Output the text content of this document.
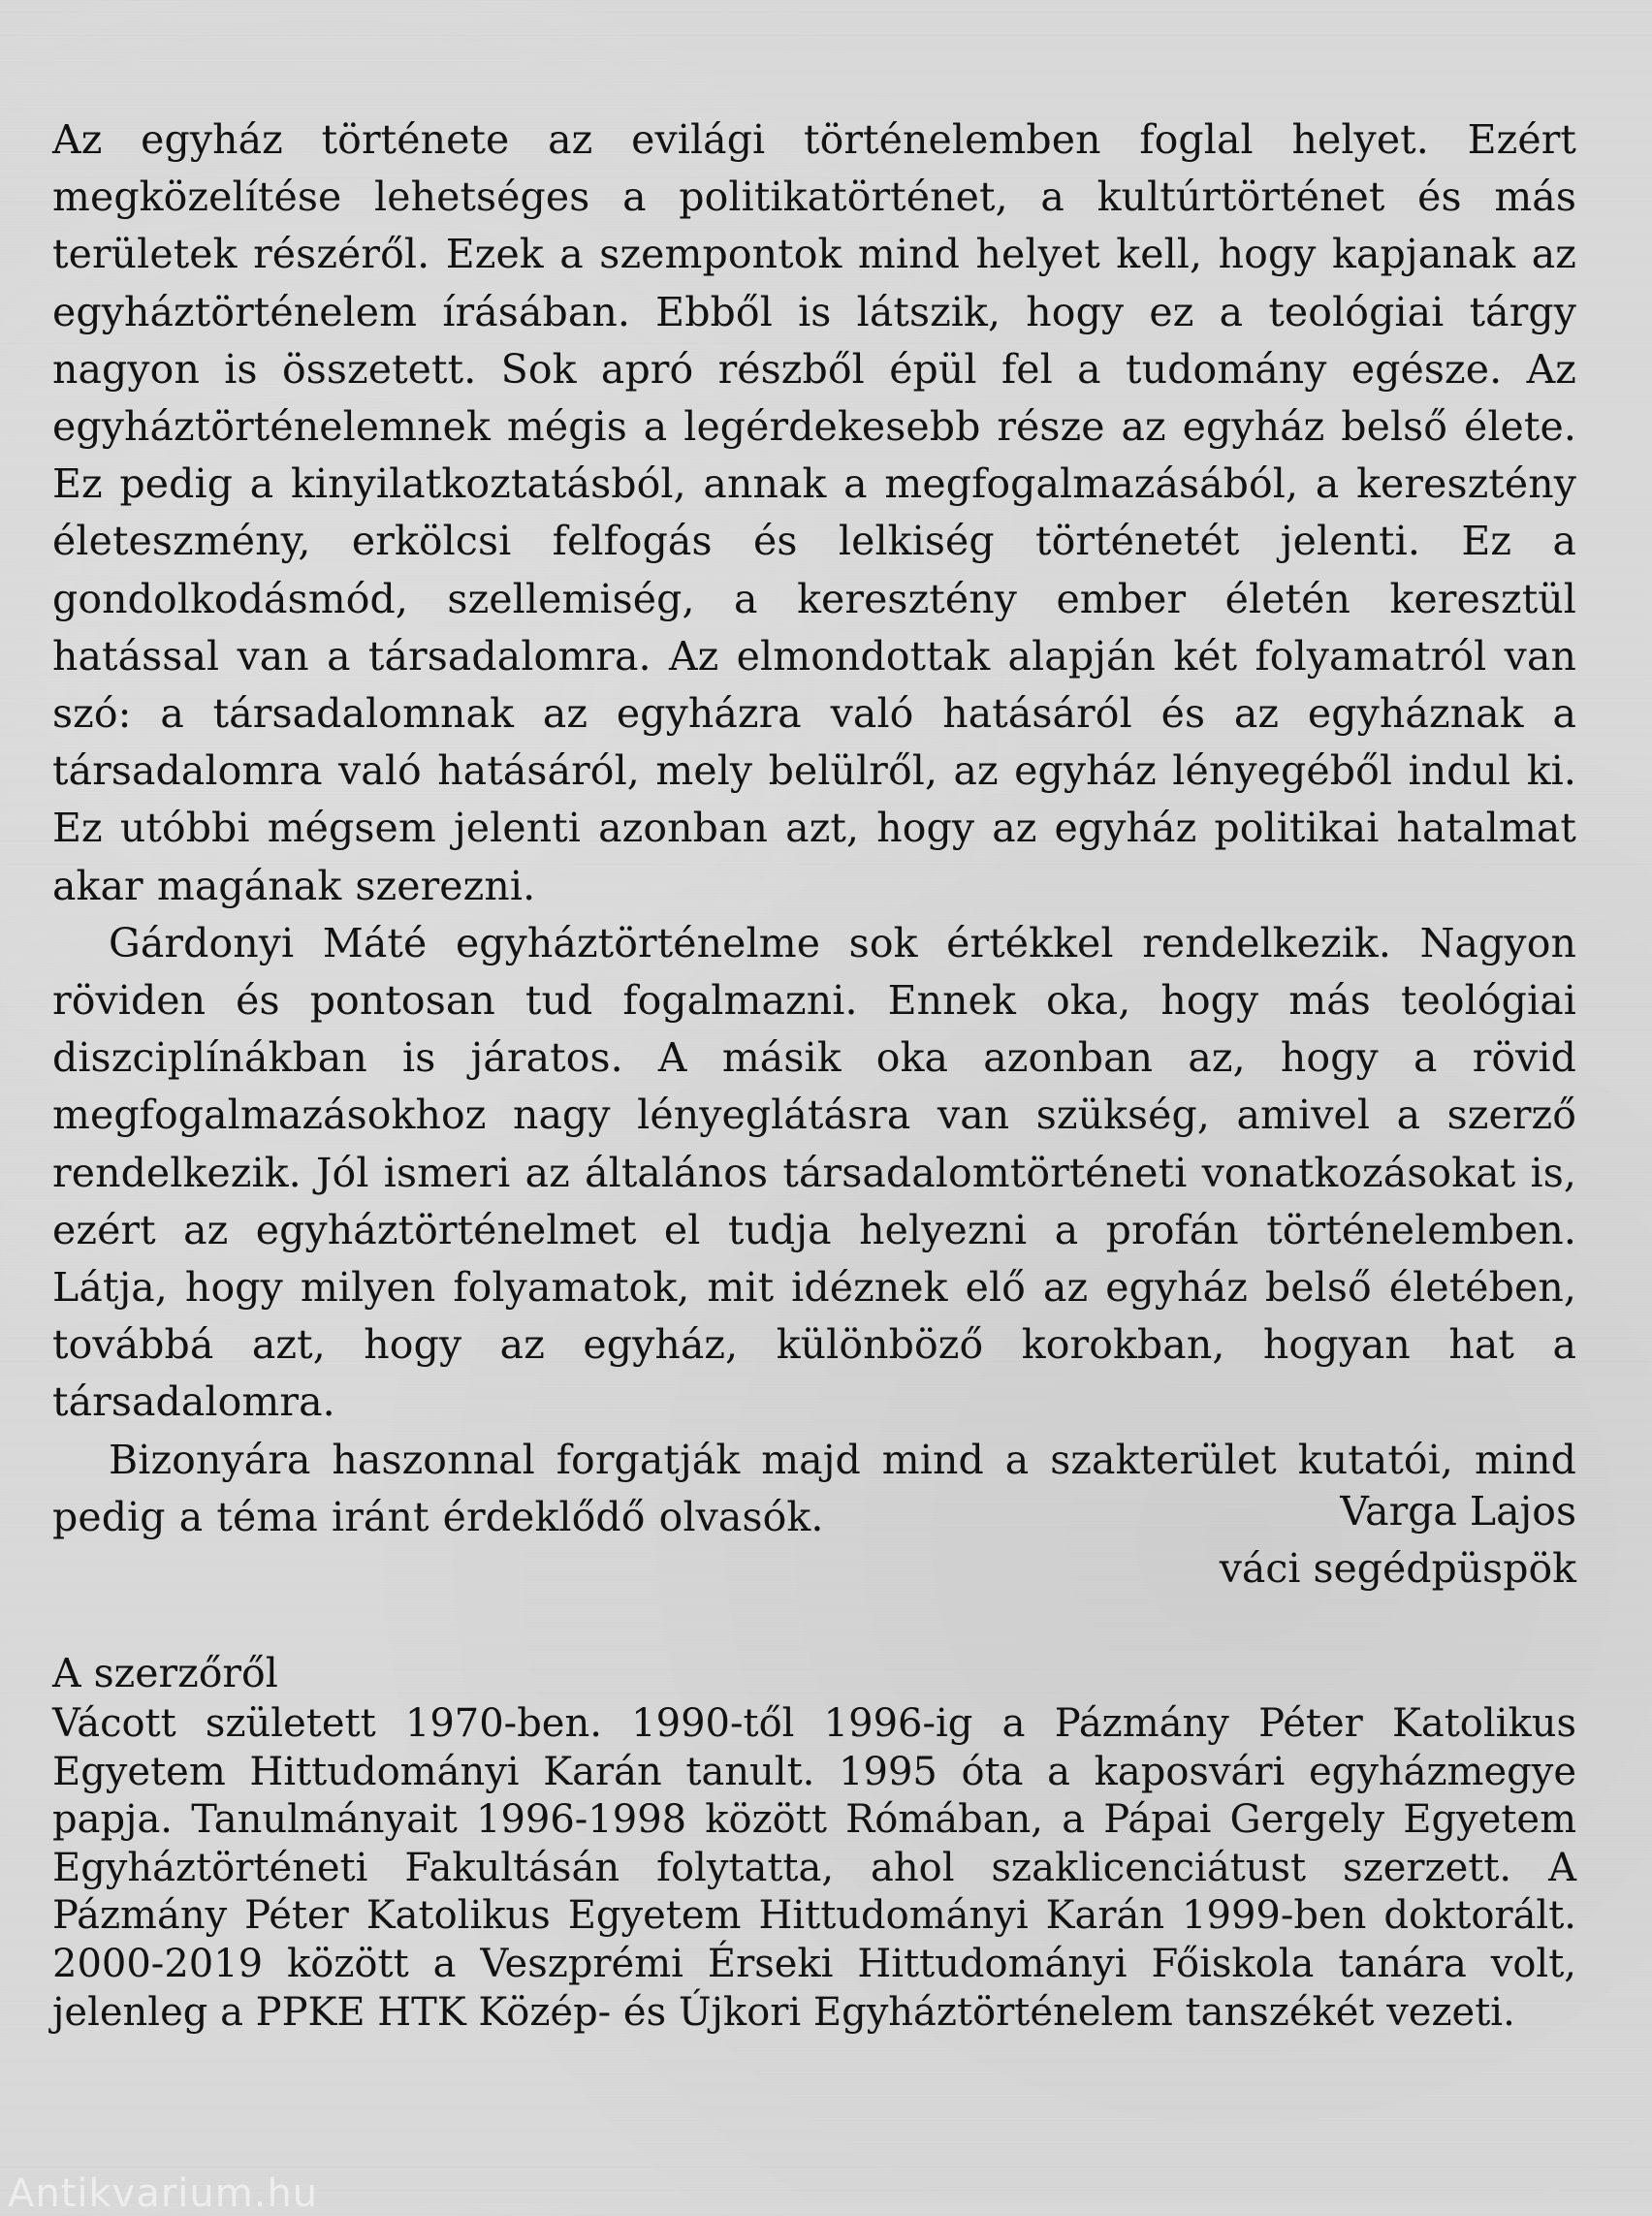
Az egyház története az evilági történelemben foglal helyet. Ezért megközelítése lehetséges a politikatörténet, a kultúrtörténet és más területek részéről. Ezek a szempontok mind helyet kell, hogy kapjanak az egyháztörténelem írásában. Ebből is látszik, hogy ez a teológiai tárgy nagyon is összetett. Sok apró részből épül fel a tudomány egésze. Az egyháztörténelemnek mégis a legérdekesebb része az egyház belső élete. Ez pedig a kinyilatkoztatásból, annak a megfogalmazásából, a keresztény életeszmény, erkölcsi felfogás és lelkiség történetét jelenti. Ez a gondolkodásmód, szellemiség, a keresztény ember életén keresztül hatással van a társadalomra. Az elmondottak alapján két folyamatról van szó: a társadalomnak az egyházra való hatásáról és az egyháznak a társadalomra való hatásáról, mely belülről, az egyház lényegéből indul ki. Ez utóbbi mégsem jelenti azonban azt, hogy az egyház politikai hatalmat akar magának szerezni.

Gárdonyi Máté egyháztörténelme sok értékkel rendelkezik. Nagyon röviden és pontosan tud fogalmazni. Ennek oka, hogy más teológiai diszciplínákban is járatos. A másik oka azonban az, hogy a rövid megfogalmazásokhoz nagy lényeglátásra van szükség, amivel a szerző rendelkezik. Jól ismeri az általános társadalomtörténeti vonatkozásokat is, ezért az egyháztörténelmet el tudja helyezni a profán történelemben. Látja, hogy milyen folyamatok, mit idéznek elő az egyház belső életében, továbbá azt, hogy az egyház, különböző korokban, hogyan hat a társadalomra.

Bizonyára haszonnal forgatják majd mind a szakterület kutatói, mind pedig a téma iránt érdeklődő olvasók.	Varga Lajos
váci segédpüspök
A szerzőről

Vácott született 1970-ben. 1990-től 1996-ig a Pázmány Péter Katolikus Egyetem Hittudományi Karán tanult. 1995 óta a kaposvári egyházmegye papja. Tanulmányait 1996-1998 között Rómában, a Pápai Gergely Egyetem Egyháztörténeti Fakultásán folytatta, ahol szaklicenciátust szerzett. A Pázmány Péter Katolikus Egyetem Hittudományi Karán 1999-ben doktorált. 2000-2019 között a Veszprémi Érseki Hittudományi Főiskola tanára volt, jelenleg a PPKE HTK Közép- és Újkori Egyháztörténelem tanszékét vezeti.

Antikvarium.hu
